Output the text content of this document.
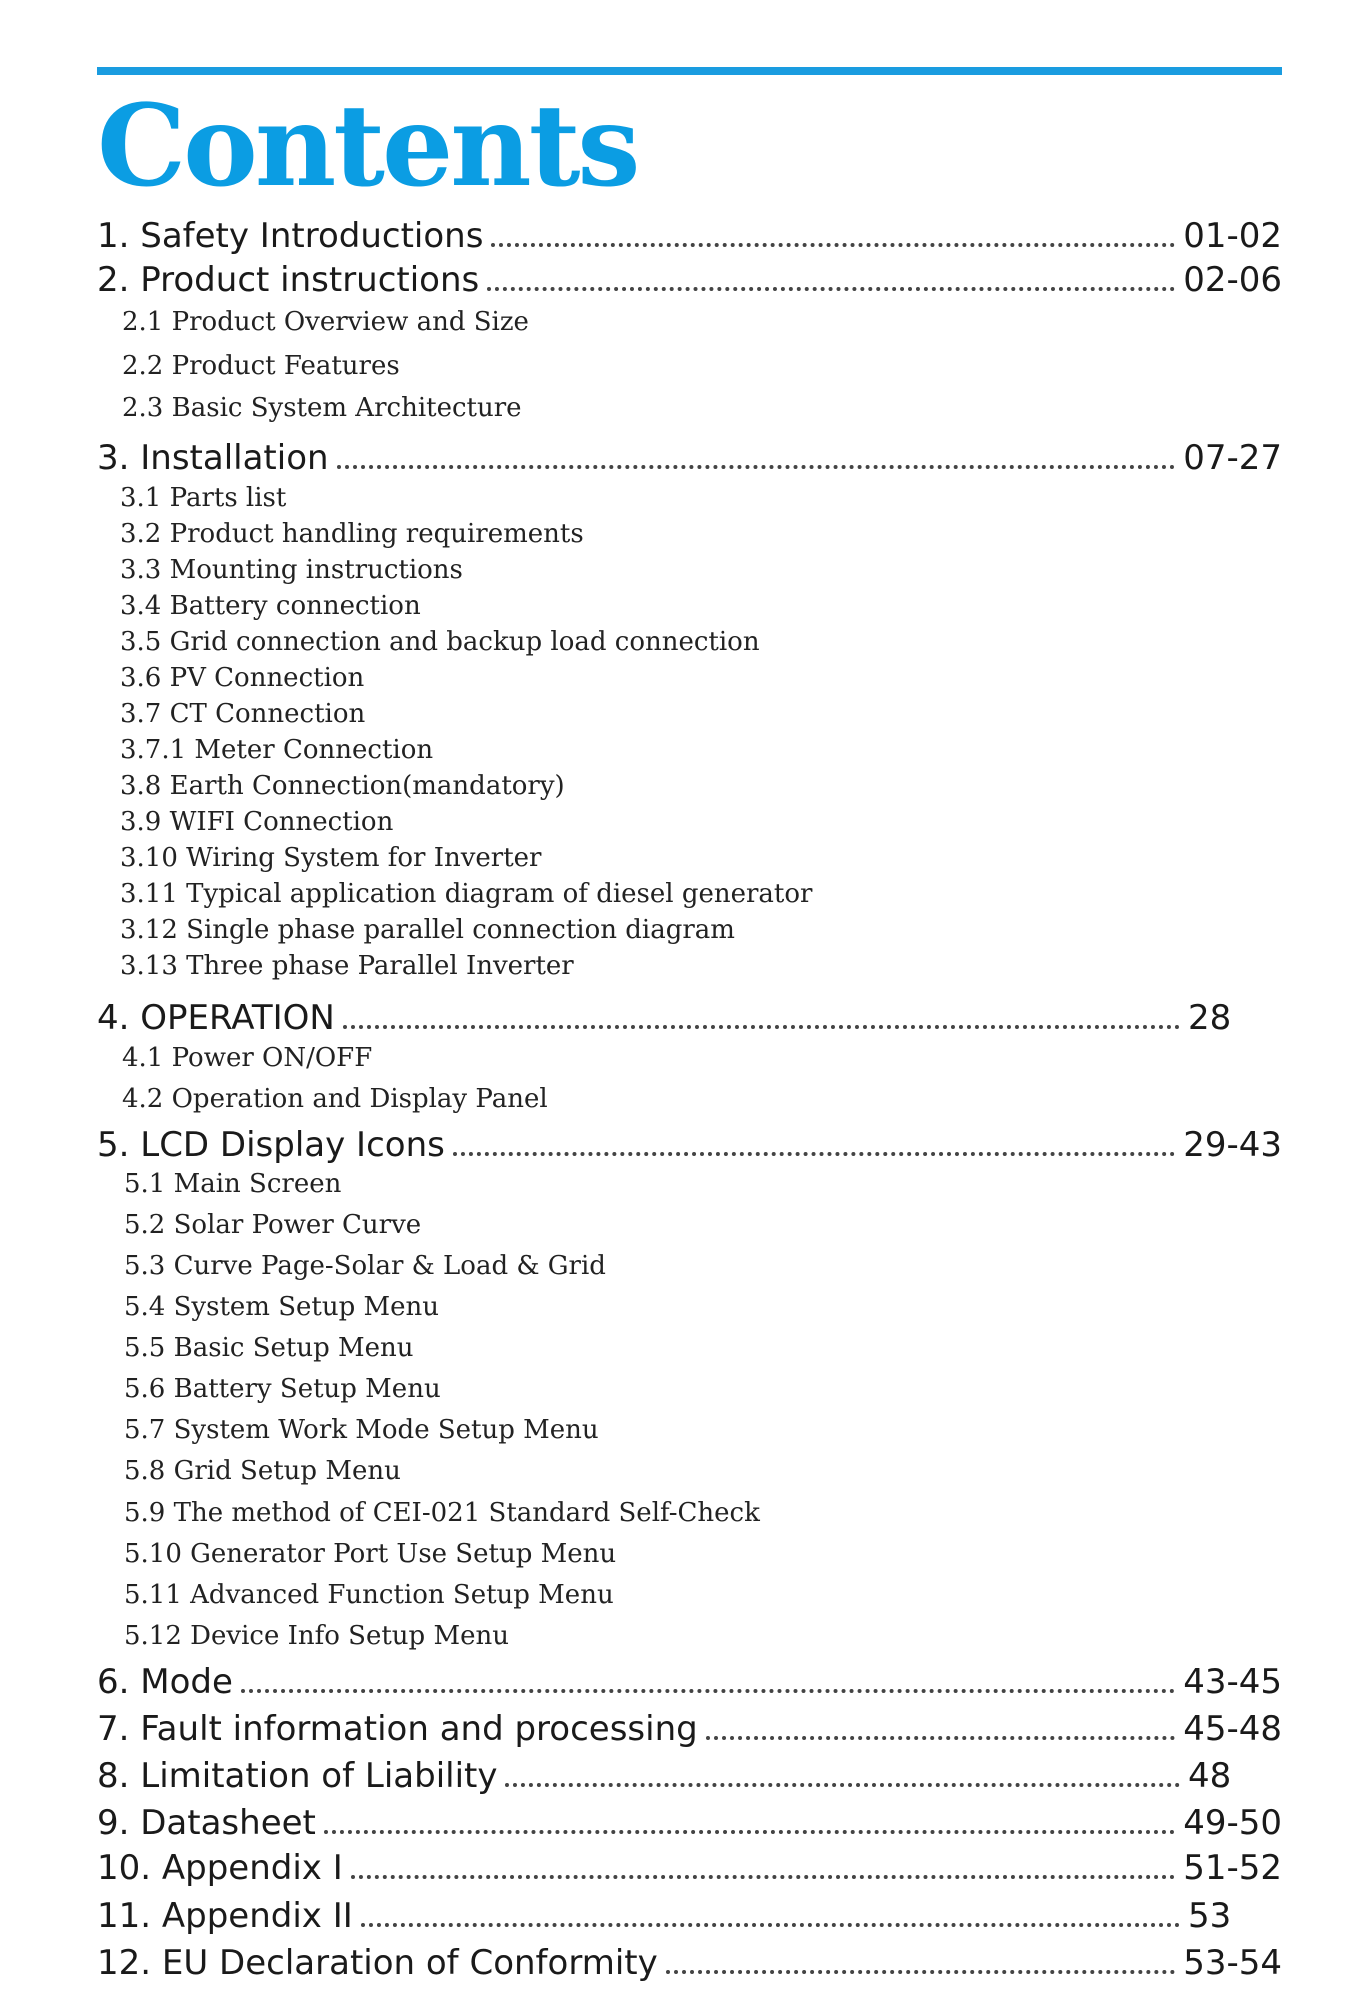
Contents
1. Safety Introductions	01-02
2. Product instructions	02-06
2.1 Product Overview and Size
2.2 Product Features
2.3 Basic System Architecture
3. Installation	07-27
3.1 Parts list
3.2 Product handling requirements
3.3 Mounting instructions
3.4 Battery connection
3.5 Grid connection and backup load connection
3.6 PV Connection
3.7 CT Connection
3.7.1 Meter Connection
3.8 Earth Connection(mandatory)
3.9 WIFI Connection
3.10 Wiring System for Inverter
3.11 Typical application diagram of diesel generator
3.12 Single phase parallel connection diagram
3.13 Three phase Parallel Inverter
4. OPERATION	28
4.1 Power ON/OFF
4.2 Operation and Display Panel
5. LCD Display Icons	29-43
5.1 Main Screen
5.2 Solar Power Curve
5.3 Curve Page-Solar & Load & Grid
5.4 System Setup Menu
5.5 Basic Setup Menu
5.6 Battery Setup Menu
5.7 System Work Mode Setup Menu
5.8 Grid Setup Menu
5.9 The method of CEI-021 Standard Self-Check
5.10 Generator Port Use Setup Menu
5.11 Advanced Function Setup Menu
5.12 Device Info Setup Menu
6. Mode	43-45
7. Fault information and processing	45-48
8. Limitation of Liability	48
9. Datasheet	49-50
10. Appendix I	51-52
11. Appendix II	53
12. EU Declaration of Conformity	53-54
